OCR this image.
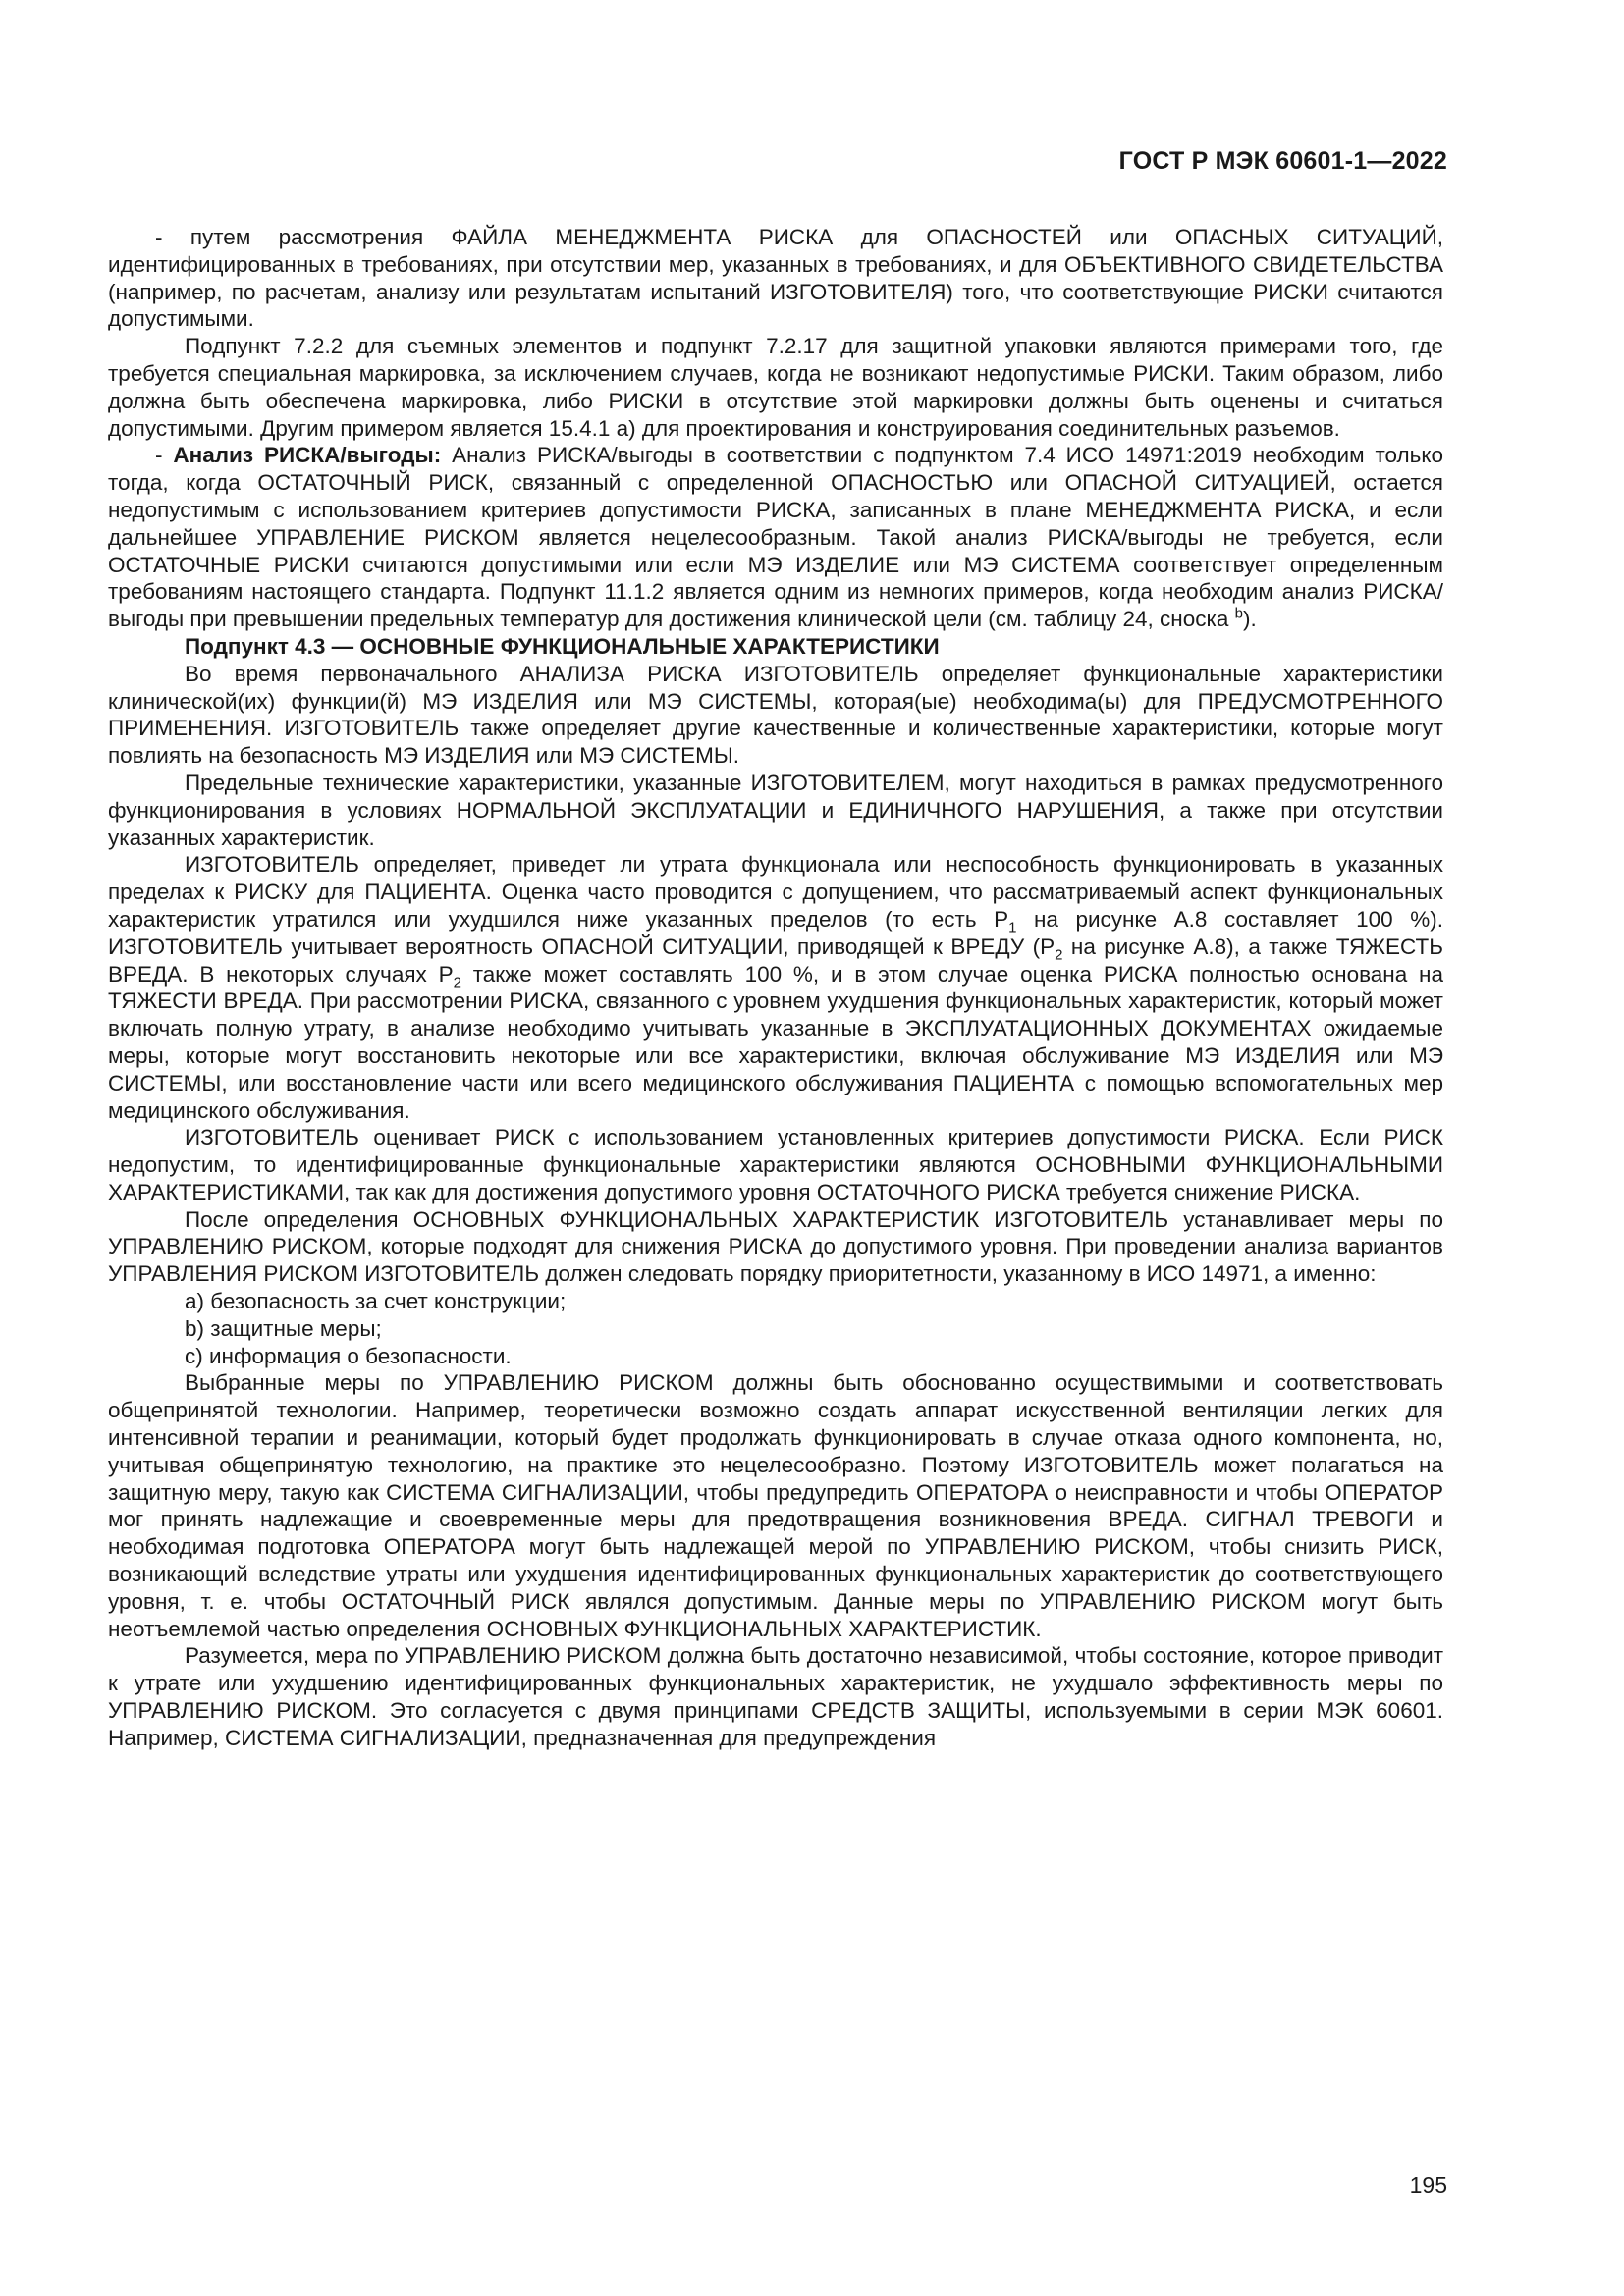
ГОСТ Р МЭК 60601-1—2022

- путем рассмотрения ФАЙЛА МЕНЕДЖМЕНТА РИСКА для ОПАСНОСТЕЙ или ОПАСНЫХ СИТУАЦИЙ, идентифицированных в требованиях, при отсутствии мер, указанных в требованиях, и для ОБЪЕКТИВНОГО СВИДЕТЕЛЬСТВА (например, по расчетам, анализу или результатам испытаний ИЗГОТОВИТЕЛЯ) того, что соответствующие РИСКИ считаются допустимыми.

Подпункт 7.2.2 для съемных элементов и подпункт 7.2.17 для защитной упаковки являются примерами того, где требуется специальная маркировка, за исключением случаев, когда не возникают недопустимые РИСКИ. Таким образом, либо должна быть обеспечена маркировка, либо РИСКИ в отсутствие этой маркировки должны быть оценены и считаться допустимыми. Другим примером является 15.4.1 a) для проектирования и конструирования соединительных разъемов.

- Анализ РИСКА/выгоды: Анализ РИСКА/выгоды в соответствии с подпунктом 7.4 ИСО 14971:2019 необходим только тогда, когда ОСТАТОЧНЫЙ РИСК, связанный с определенной ОПАСНОСТЬЮ или ОПАСНОЙ СИТУАЦИЕЙ, остается недопустимым с использованием критериев допустимости РИСКА, записанных в плане МЕНЕДЖМЕНТА РИСКА, и если дальнейшее УПРАВЛЕНИЕ РИСКОМ является нецелесообразным. Такой анализ РИСКА/выгоды не требуется, если ОСТАТОЧНЫЕ РИСКИ считаются допустимыми или если МЭ ИЗДЕЛИЕ или МЭ СИСТЕМА соответствует определенным требованиям настоящего стандарта. Подпункт 11.1.2 является одним из немногих примеров, когда необходим анализ РИСКА/выгоды при превышении предельных температур для достижения клинической цели (см. таблицу 24, сноска $^b$).

Подпункт 4.3 — ОСНОВНЫЕ ФУНКЦИОНАЛЬНЫЕ ХАРАКТЕРИСТИКИ

Во время первоначального АНАЛИЗА РИСКА ИЗГОТОВИТЕЛЬ определяет функциональные характеристики клинической(их) функции(й) МЭ ИЗДЕЛИЯ или МЭ СИСТЕМЫ, которая(ые) необходима(ы) для ПРЕДУСМОТРЕННОГО ПРИМЕНЕНИЯ. ИЗГОТОВИТЕЛЬ также определяет другие качественные и количественные характеристики, которые могут повлиять на безопасность МЭ ИЗДЕЛИЯ или МЭ СИСТЕМЫ.

Предельные технические характеристики, указанные ИЗГОТОВИТЕЛЕМ, могут находиться в рамках предусмотренного функционирования в условиях НОРМАЛЬНОЙ ЭКСПЛУАТАЦИИ и ЕДИНИЧНОГО НАРУШЕНИЯ, а также при отсутствии указанных характеристик.

ИЗГОТОВИТЕЛЬ определяет, приведет ли утрата функционала или неспособность функционировать в указанных пределах к РИСКУ для ПАЦИЕНТА. Оценка часто проводится с допущением, что рассматриваемый аспект функциональных характеристик утратился или ухудшился ниже указанных пределов (то есть $P_1$ на рисунке А.8 составляет 100 %). ИЗГОТОВИТЕЛЬ учитывает вероятность ОПАСНОЙ СИТУАЦИИ, приводящей к ВРЕДУ ($P_2$ на рисунке А.8), а также ТЯЖЕСТЬ ВРЕДА. В некоторых случаях $P_2$ также может составлять 100 %, и в этом случае оценка РИСКА полностью основана на ТЯЖЕСТИ ВРЕДА. При рассмотрении РИСКА, связанного с уровнем ухудшения функциональных характеристик, который может включать полную утрату, в анализе необходимо учитывать указанные в ЭКСПЛУАТАЦИОННЫХ ДОКУМЕНТАХ ожидаемые меры, которые могут восстановить некоторые или все характеристики, включая обслуживание МЭ ИЗДЕЛИЯ или МЭ СИСТЕМЫ, или восстановление части или всего медицинского обслуживания ПАЦИЕНТА с помощью вспомогательных мер медицинского обслуживания.

ИЗГОТОВИТЕЛЬ оценивает РИСК с использованием установленных критериев допустимости РИСКА. Если РИСК недопустим, то идентифицированные функциональные характеристики являются ОСНОВНЫМИ ФУНКЦИОНАЛЬНЫМИ ХАРАКТЕРИСТИКАМИ, так как для достижения допустимого уровня ОСТАТОЧНОГО РИСКА требуется снижение РИСКА.

После определения ОСНОВНЫХ ФУНКЦИОНАЛЬНЫХ ХАРАКТЕРИСТИК ИЗГОТОВИТЕЛЬ устанавливает меры по УПРАВЛЕНИЮ РИСКОМ, которые подходят для снижения РИСКА до допустимого уровня. При проведении анализа вариантов УПРАВЛЕНИЯ РИСКОМ ИЗГОТОВИТЕЛЬ должен следовать порядку приоритетности, указанному в ИСО 14971, а именно:

a) безопасность за счет конструкции;

b) защитные меры;

c) информация о безопасности.

Выбранные меры по УПРАВЛЕНИЮ РИСКОМ должны быть обоснованно осуществимыми и соответствовать общепринятой технологии. Например, теоретически возможно создать аппарат искусственной вентиляции легких для интенсивной терапии и реанимации, который будет продолжать функционировать в случае отказа одного компонента, но, учитывая общепринятую технологию, на практике это нецелесообразно. Поэтому ИЗГОТОВИТЕЛЬ может полагаться на защитную меру, такую как СИСТЕМА СИГНАЛИЗАЦИИ, чтобы предупредить ОПЕРАТОРА о неисправности и чтобы ОПЕРАТОР мог принять надлежащие и своевременные меры для предотвращения возникновения ВРЕДА. СИГНАЛ ТРЕВОГИ и необходимая подготовка ОПЕРАТОРА могут быть надлежащей мерой по УПРАВЛЕНИЮ РИСКОМ, чтобы снизить РИСК, возникающий вследствие утраты или ухудшения идентифицированных функциональных характеристик до соответствующего уровня, т. е. чтобы ОСТАТОЧНЫЙ РИСК являлся допустимым. Данные меры по УПРАВЛЕНИЮ РИСКОМ могут быть неотъемлемой частью определения ОСНОВНЫХ ФУНКЦИОНАЛЬНЫХ ХАРАКТЕРИСТИК.

Разумеется, мера по УПРАВЛЕНИЮ РИСКОМ должна быть достаточно независимой, чтобы состояние, которое приводит к утрате или ухудшению идентифицированных функциональных характеристик, не ухудшало эффективность меры по УПРАВЛЕНИЮ РИСКОМ. Это согласуется с двумя принципами СРЕДСТВ ЗАЩИТЫ, используемыми в серии МЭК 60601. Например, СИСТЕМА СИГНАЛИЗАЦИИ, предназначенная для предупреждения

195
